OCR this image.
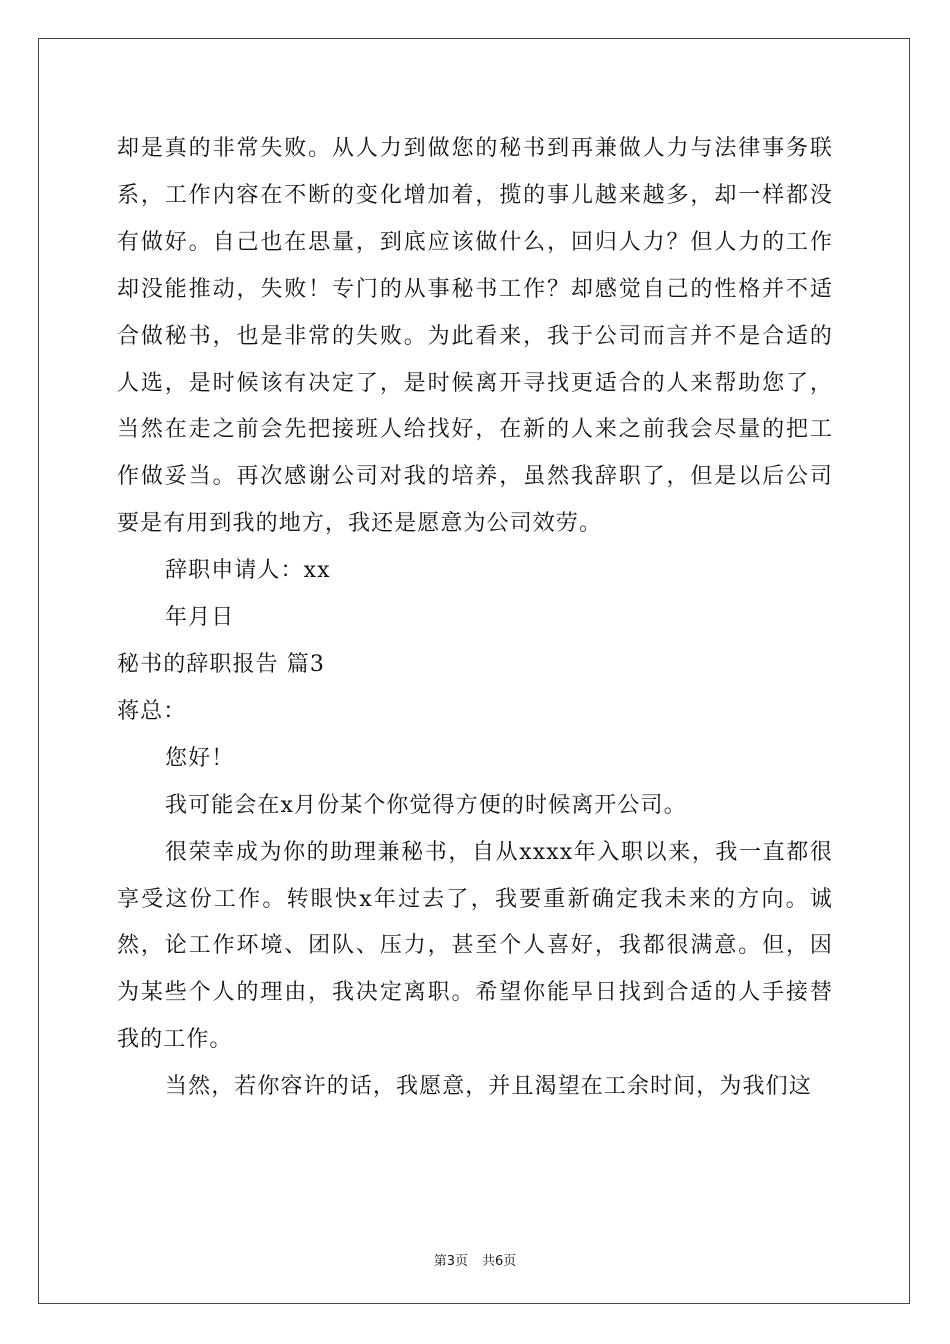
却是真的非常失败。从人力到做您的秘书到再兼做人力与法律事务联系，工作内容在不断的变化增加着，揽的事儿越来越多，却一样都没有做好。自己也在思量，到底应该做什么，回归人力？但人力的工作却没能推动，失败！专门的从事秘书工作？却感觉自己的性格并不适合做秘书，也是非常的失败。为此看来，我于公司而言并不是合适的人选，是时候该有决定了，是时候离开寻找更适合的人来帮助您了，当然在走之前会先把接班人给找好，在新的人来之前我会尽量的把工作做妥当。再次感谢公司对我的培养，虽然我辞职了，但是以后公司要是有用到我的地方，我还是愿意为公司效劳。

辞职申请人：xx

年月日

秘书的辞职报告 篇3

蒋总：

您好！

我可能会在x月份某个你觉得方便的时候离开公司。

很荣幸成为你的助理兼秘书，自从xxxx年入职以来，我一直都很享受这份工作。转眼快x年过去了，我要重新确定我未来的方向。诚然，论工作环境、团队、压力，甚至个人喜好，我都很满意。但，因为某些个人的理由，我决定离职。希望你能早日找到合适的人手接替我的工作。

当然，若你容许的话，我愿意，并且渴望在工余时间，为我们这

第3页 共6页
